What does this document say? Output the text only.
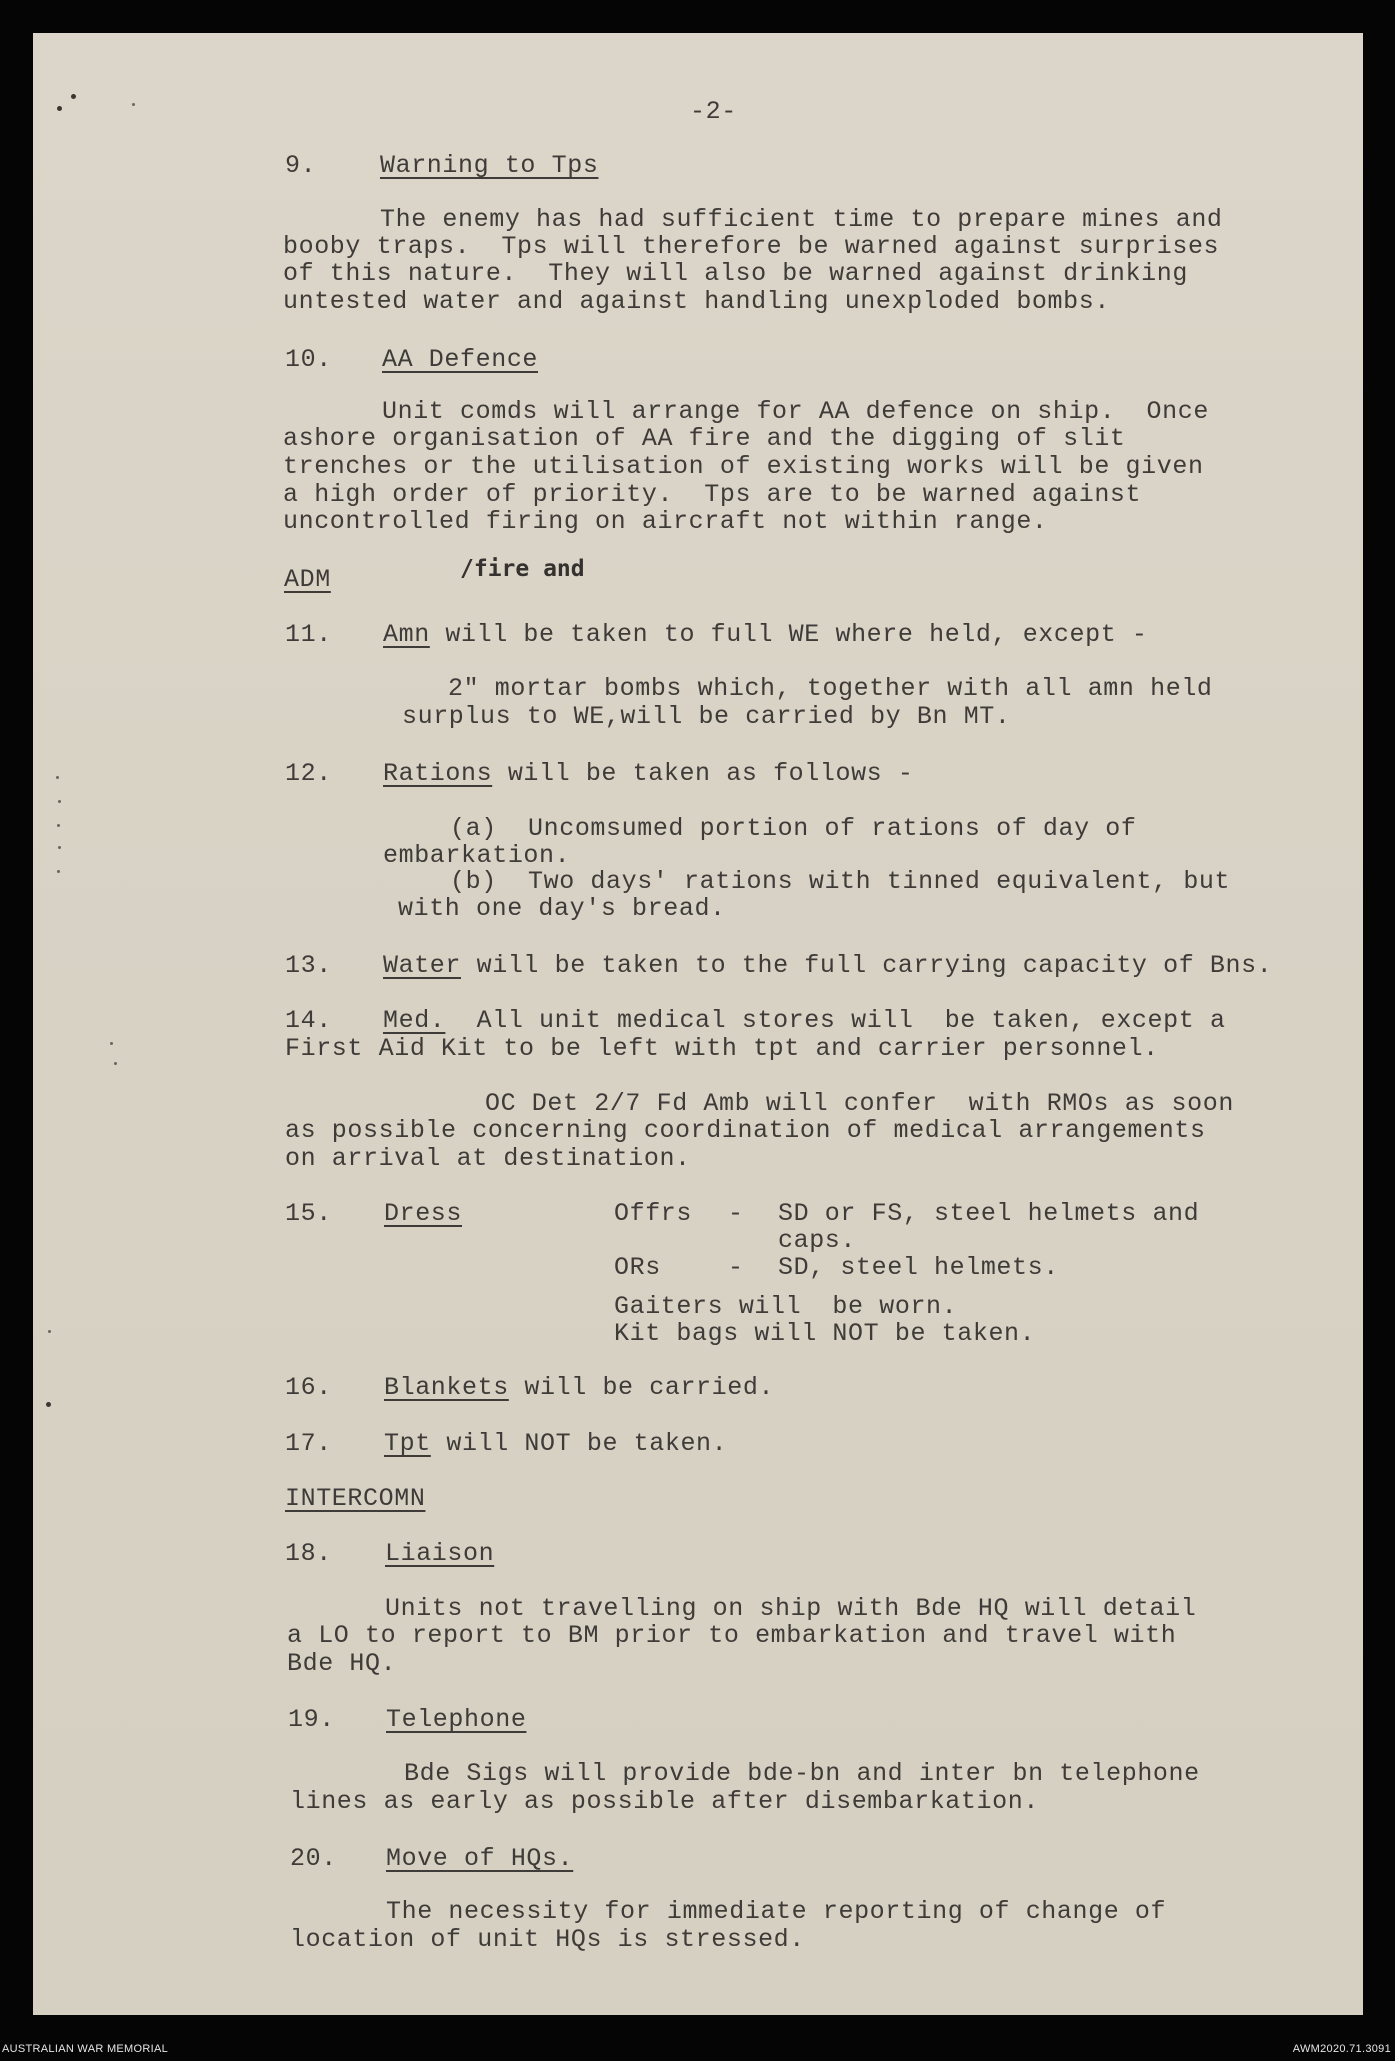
-2-
9.	Warning to Tps
The enemy has had sufficient time to prepare mines and
booby traps.  Tps will therefore be warned against surprises
of this nature.  They will also be warned against drinking
untested water and against handling unexploded bombs.
10. AA Defence
Unit comds will arrange for AA defence on ship.  Once
ashore organisation of AA fire and the digging of slit
trenches or the utilisation of existing works will be given
a high order of priority.  Tps are to be warned against
uncontrolled firing on aircraft not within range.
/fire and
ADM
11. Amn will be taken to full WE where held, except -
2" mortar bombs which, together with all amn held
surplus to WE,will be carried by Bn MT.
12. Rations will be taken as follows -
(a)  Uncomsumed portion of rations of day of
embarkation.
(b)  Two days' rations with tinned equivalent, but
with one day's bread.
13. Water will be taken to the full carrying capacity of Bns.
14. Med.  All unit medical stores will  be taken, except a
First Aid Kit to be left with tpt and carrier personnel.
OC Det 2/7 Fd Amb will confer  with RMOs as soon
as possible concerning coordination of medical arrangements
on arrival at destination.
15. Dress	Offrs - SD or FS, steel helmets and
caps.
ORs	- SD, steel helmets.
Gaiters will  be worn.
Kit bags will NOT be taken.
16. Blankets will be carried.
17. Tpt will NOT be taken.
INTERCOMN
18. Liaison
Units not travelling on ship with Bde HQ will detail
a LO to report to BM prior to embarkation and travel with
Bde HQ.
19. Telephone
Bde Sigs will provide bde-bn and inter bn telephone
lines as early as possible after disembarkation.
20. Move of HQs.
The necessity for immediate reporting of change of
location of unit HQs is stressed.
AUSTRALIAN WAR MEMORIAL	AWM2020.71.3091
